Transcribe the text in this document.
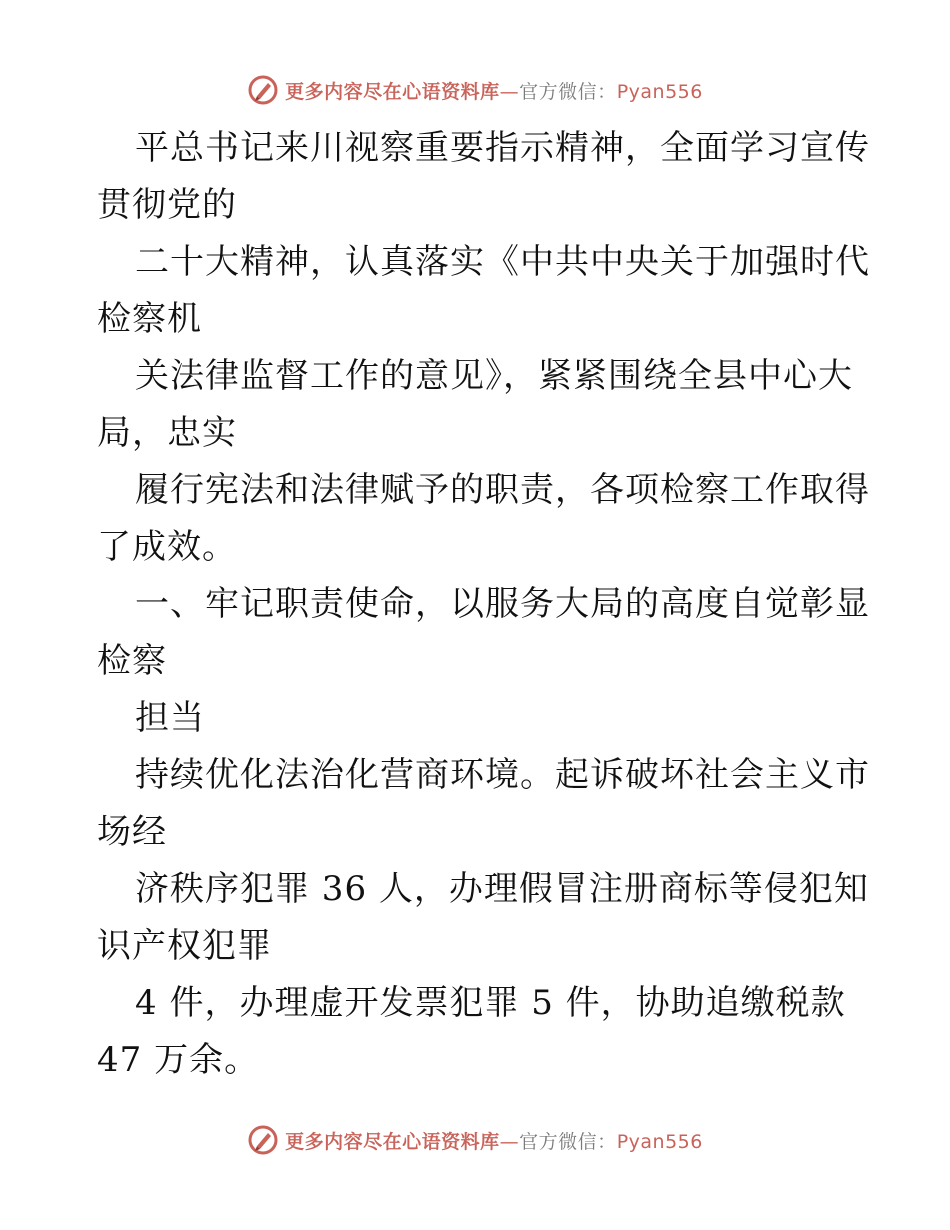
更多内容尽在心语资料库—官方微信：Pyan556
平总书记来川视察重要指示精神，全面学习宣传
贯彻党的
二十大精神，认真落实《中共中央关于加强时代
检察机
关法律监督工作的意见》，紧紧围绕全县中心大
局，忠实
履行宪法和法律赋予的职责，各项检察工作取得
了成效。
一、牢记职责使命，以服务大局的高度自觉彰显
检察
担当
持续优化法治化营商环境。起诉破坏社会主义市
场经
济秩序犯罪 36 人，办理假冒注册商标等侵犯知
识产权犯罪
4 件，办理虚开发票犯罪 5 件，协助追缴税款
47 万余。
更多内容尽在心语资料库—官方微信：Pyan556
